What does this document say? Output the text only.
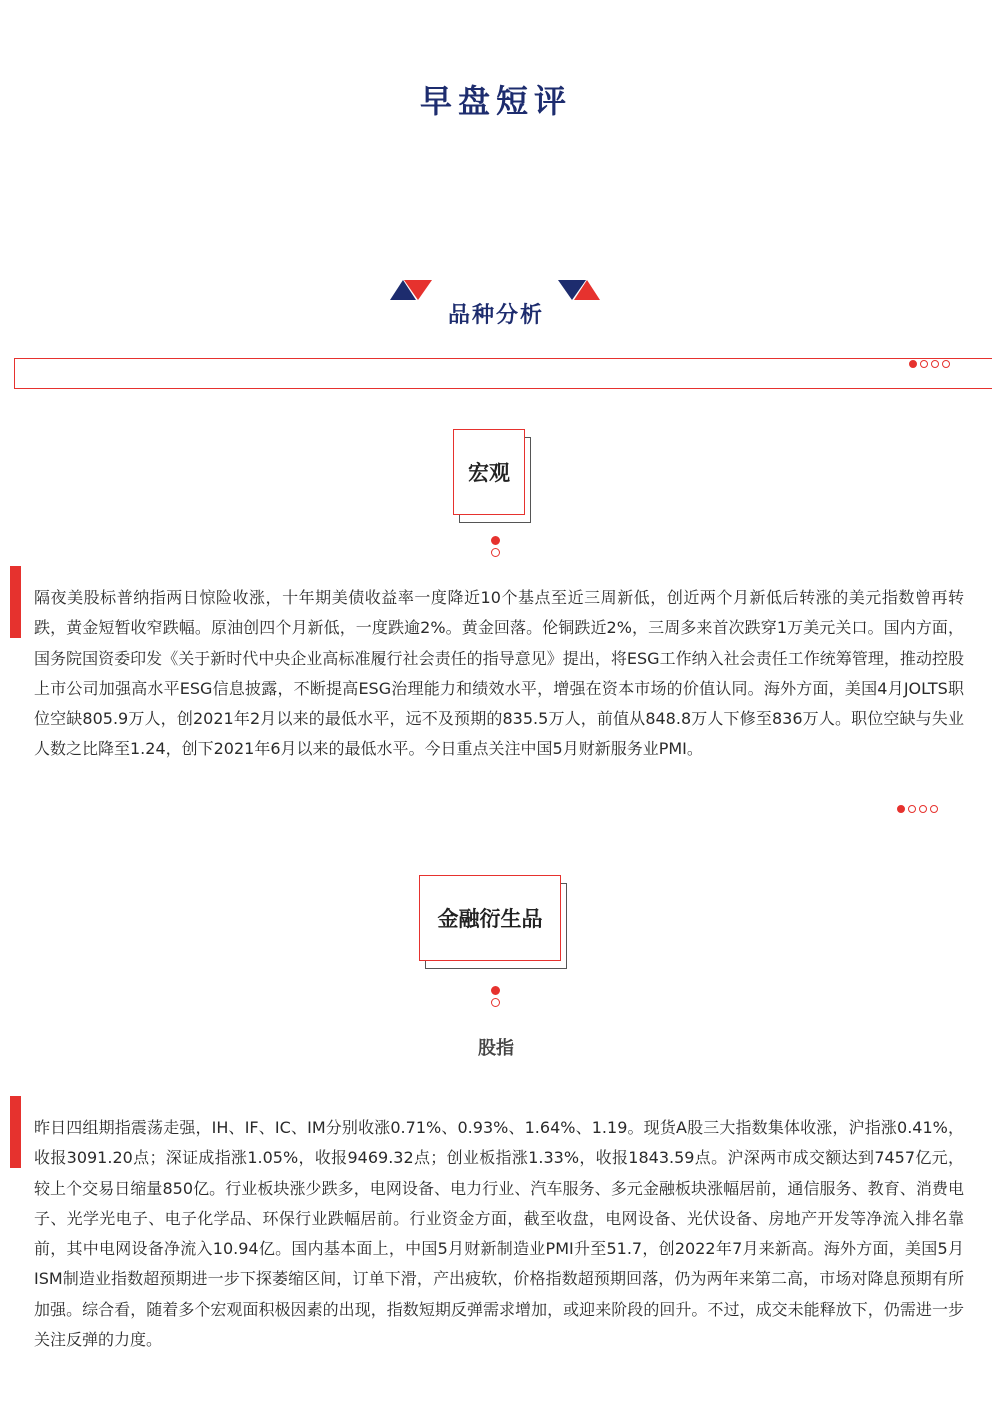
早盘短评
品种分析
宏观

隔夜美股标普纳指两日惊险收涨，十年期美债收益率一度降近10个基点至近三周新低，创近两个月新低后转涨的美元指数曾再转跌，黄金短暂收窄跌幅。原油创四个月新低，一度跌逾2%。黄金回落。伦铜跌近2%，三周多来首次跌穿1万美元关口。国内方面，国务院国资委印发《关于新时代中央企业高标准履行社会责任的指导意见》提出，将ESG工作纳入社会责任工作统筹管理，推动控股上市公司加强高水平ESG信息披露，不断提高ESG治理能力和绩效水平，增强在资本市场的价值认同。海外方面，美国4月JOLTS职位空缺805.9万人，创2021年2月以来的最低水平，远不及预期的835.5万人，前值从848.8万人下修至836万人。职位空缺与失业人数之比降至1.24，创下2021年6月以来的最低水平。今日重点关注中国5月财新服务业PMI。

金融衍生品
股指

昨日四组期指震荡走强，IH、IF、IC、IM分别收涨0.71%、0.93%、1.64%、1.19。现货A股三大指数集体收涨，沪指涨0.41%，收报3091.20点；深证成指涨1.05%，收报9469.32点；创业板指涨1.33%，收报1843.59点。沪深两市成交额达到7457亿元，较上个交易日缩量850亿。行业板块涨少跌多，电网设备、电力行业、汽车服务、多元金融板块涨幅居前，通信服务、教育、消费电子、光学光电子、电子化学品、环保行业跌幅居前。行业资金方面，截至收盘，电网设备、光伏设备、房地产开发等净流入排名靠前，其中电网设备净流入10.94亿。国内基本面上，中国5月财新制造业PMI升至51.7，创2022年7月来新高。海外方面，美国5月ISM制造业指数超预期进一步下探萎缩区间，订单下滑，产出疲软，价格指数超预期回落，仍为两年来第二高，市场对降息预期有所加强。综合看，随着多个宏观面积极因素的出现，指数短期反弹需求增加，或迎来阶段的回升。不过，成交未能释放下，仍需进一步关注反弹的力度。
